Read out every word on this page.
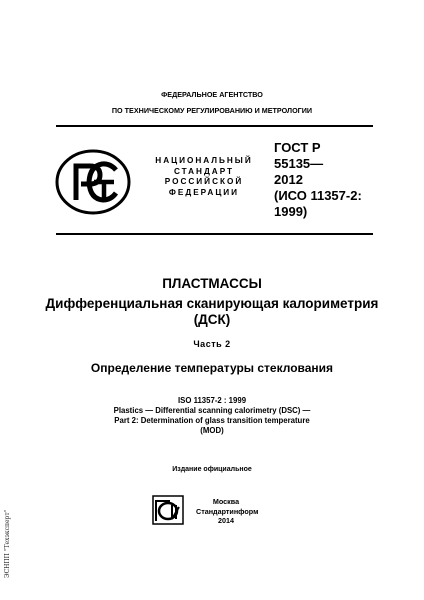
ФЕДЕРАЛЬНОЕ АГЕНТСТВО
ПО ТЕХНИЧЕСКОМУ РЕГУЛИРОВАНИЮ И МЕТРОЛОГИИ
НАЦИОНАЛЬНЫЙ
СТАНДАРТ
РОССИЙСКОЙ
ФЕДЕРАЦИИ
ГОСТ Р
55135—
2012
(ИСО 11357-2:
1999)
ПЛАСТМАССЫ
Дифференциальная сканирующая калориметрия
(ДСК)
Часть 2
Определение температуры стеклования
ISO 11357-2 : 1999
Plastics — Differential scanning calorimetry (DSC) —
Part 2: Determination of glass transition temperature
(MOD)
Издание официальное
Москва
Стандартинформ
2014
ЭСНПП "Техэксперт"
